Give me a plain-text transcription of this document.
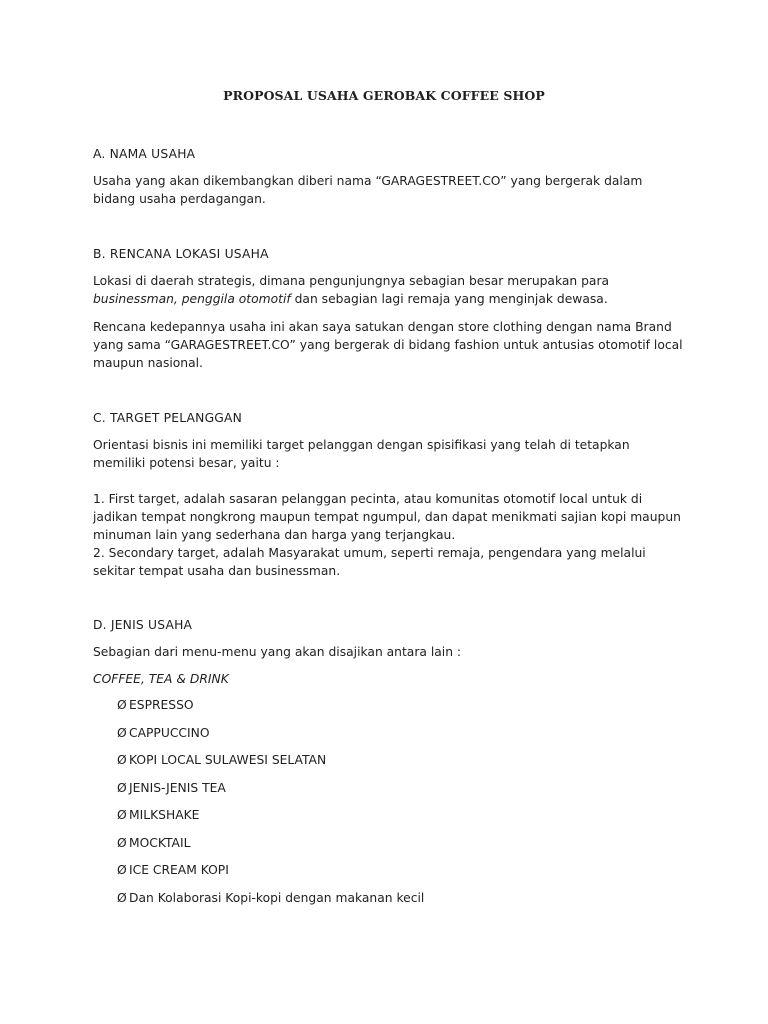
PROPOSAL USAHA GEROBAK COFFEE SHOP
A. NAMA USAHA
Usaha yang akan dikembangkan diberi nama “GARAGESTREET.CO” yang bergerak dalam bidang usaha perdagangan.
B. RENCANA LOKASI USAHA
Lokasi di daerah strategis, dimana pengunjungnya sebagian besar merupakan para businessman, penggila otomotif dan sebagian lagi remaja yang menginjak dewasa.
Rencana kedepannya usaha ini akan saya satukan dengan store clothing dengan nama Brand yang sama “GARAGESTREET.CO” yang bergerak di bidang fashion untuk antusias otomotif local maupun nasional.
C. TARGET PELANGGAN
Orientasi bisnis ini memiliki target pelanggan dengan spisifikasi yang telah di tetapkan memiliki potensi besar, yaitu :
1. First target, adalah sasaran pelanggan pecinta, atau komunitas otomotif local untuk di jadikan tempat nongkrong maupun tempat ngumpul, dan dapat menikmati sajian kopi maupun minuman lain yang sederhana dan harga yang terjangkau.
2. Secondary target, adalah Masyarakat umum, seperti remaja, pengendara yang melalui sekitar tempat usaha dan businessman.
D. JENIS USAHA
Sebagian dari menu-menu yang akan disajikan antara lain :
COFFEE, TEA & DRINK
Ø ESPRESSO
Ø CAPPUCCINO
Ø KOPI LOCAL SULAWESI SELATAN
Ø JENIS-JENIS TEA
Ø MILKSHAKE
Ø MOCKTAIL
Ø ICE CREAM KOPI
Ø Dan Kolaborasi Kopi-kopi dengan makanan kecil
